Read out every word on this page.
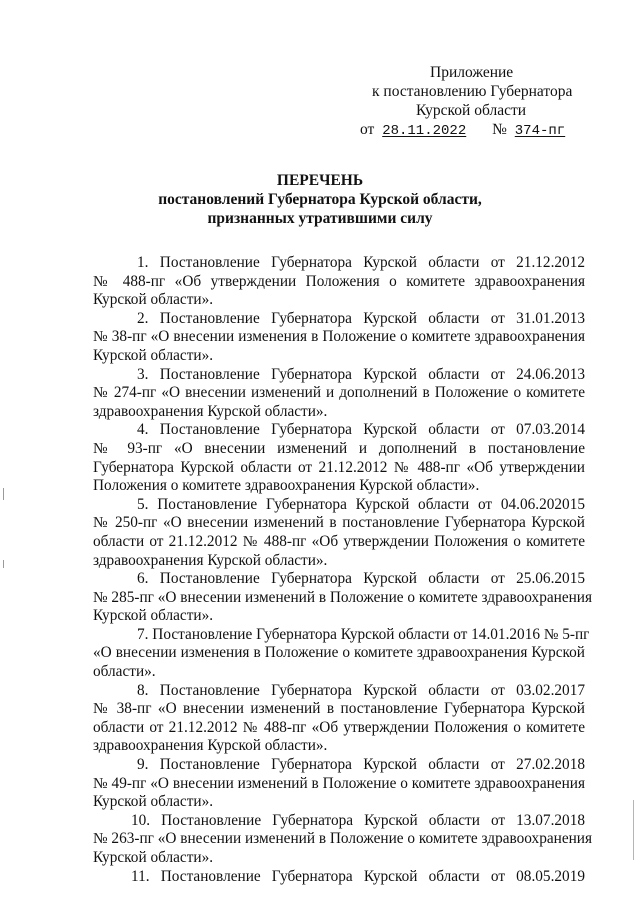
Приложение
к постановлению Губернатора
Курской области
от 28.11.2022 № 374-пг
ПЕРЕЧЕНЬ
постановлений Губернатора Курской области,
признанных утратившими силу
1. Постановление Губернатора Курской области от 21.12.2012
№ 488-пг «Об утверждении Положения о комитете здравоохранения
Курской области».
2. Постановление Губернатора Курской области от 31.01.2013
№ 38-пг «О внесении изменения в Положение о комитете здравоохранения
Курской области».
3. Постановление Губернатора Курской области от 24.06.2013
№ 274-пг «О внесении изменений и дополнений в Положение о комитете
здравоохранения Курской области».
4. Постановление Губернатора Курской области от 07.03.2014
№ 93-пг «О внесении изменений и дополнений в постановление
Губернатора Курской области от 21.12.2012 № 488-пг «Об утверждении
Положения о комитете здравоохранения Курской области».
5. Постановление Губернатора Курской области от 04.06.202015
№ 250-пг «О внесении изменений в постановление Губернатора Курской
области от 21.12.2012 № 488-пг «Об утверждении Положения о комитете
здравоохранения Курской области».
6. Постановление Губернатора Курской области от 25.06.2015
№ 285-пг «О внесении изменений в Положение о комитете здравоохранения
Курской области».
7. Постановление Губернатора Курской области от 14.01.2016 № 5-пг
«О внесении изменения в Положение о комитете здравоохранения Курской
области».
8. Постановление Губернатора Курской области от 03.02.2017
№ 38-пг «О внесении изменений в постановление Губернатора Курской
области от 21.12.2012 № 488-пг «Об утверждении Положения о комитете
здравоохранения Курской области».
9. Постановление Губернатора Курской области от 27.02.2018
№ 49-пг «О внесении изменений в Положение о комитете здравоохранения
Курской области».
10. Постановление Губернатора Курской области от 13.07.2018
№ 263-пг «О внесении изменений в Положение о комитете здравоохранения
Курской области».
11. Постановление Губернатора Курской области от 08.05.2019
